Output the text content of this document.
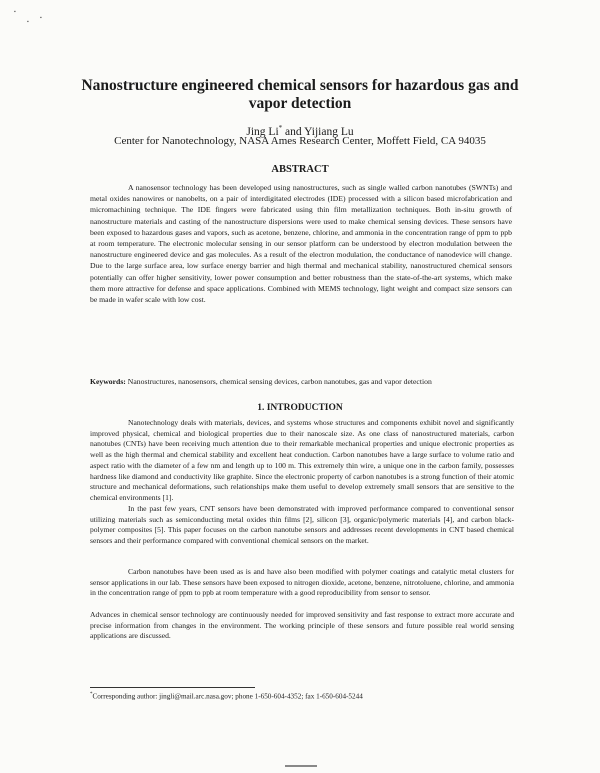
▪
▪
▪
Nanostructure engineered chemical sensors for hazardous gas and vapor detection
Jing Li* and Yijiang Lu
Center for Nanotechnology, NASA Ames Research Center, Moffett Field, CA 94035
ABSTRACT

A nanosensor technology has been developed using nanostructures, such as single walled carbon nanotubes (SWNTs) and metal oxides nanowires or nanobelts, on a pair of interdigitated electrodes (IDE) processed with a silicon based microfabrication and micromachining technique. The IDE fingers were fabricated using thin film metallization techniques. Both in-situ growth of nanostructure materials and casting of the nanostructure dispersions were used to make chemical sensing devices. These sensors have been exposed to hazardous gases and vapors, such as acetone, benzene, chlorine, and ammonia in the concentration range of ppm to ppb at room temperature. The electronic molecular sensing in our sensor platform can be understood by electron modulation between the nanostructure engineered device and gas molecules. As a result of the electron modulation, the conductance of nanodevice will change. Due to the large surface area, low surface energy barrier and high thermal and mechanical stability, nanostructured chemical sensors potentially can offer higher sensitivity, lower power consumption and better robustness than the state-of-the-art systems, which make them more attractive for defense and space applications. Combined with MEMS technology, light weight and compact size sensors can be made in wafer scale with low cost.

Keywords: Nanostructures, nanosensors, chemical sensing devices, carbon nanotubes, gas and vapor detection

1. INTRODUCTION

Nanotechnology deals with materials, devices, and systems whose structures and components exhibit novel and significantly improved physical, chemical and biological properties due to their nanoscale size. As one class of nanostructured materials, carbon nanotubes (CNTs) have been receiving much attention due to their remarkable mechanical properties and unique electronic properties as well as the high thermal and chemical stability and excellent heat conduction. Carbon nanotubes have a large surface to volume ratio and aspect ratio with the diameter of a few nm and length up to 100 m. This extremely thin wire, a unique one in the carbon family, possesses hardness like diamond and conductivity like graphite. Since the electronic property of carbon nanotubes is a strong function of their atomic structure and mechanical deformations, such relationships make them useful to develop extremely small sensors that are sensitive to the chemical environments [1].

In the past few years, CNT sensors have been demonstrated with improved performance compared to conventional sensor utilizing materials such as semiconducting metal oxides thin films [2], silicon [3], organic/polymeric materials [4], and carbon black-polymer composites [5]. This paper focuses on the carbon nanotube sensors and addresses recent developments in CNT based chemical sensors and their performance compared with conventional chemical sensors on the market.

Carbon nanotubes have been used as is and have also been modified with polymer coatings and catalytic metal clusters for sensor applications in our lab. These sensors have been exposed to nitrogen dioxide, acetone, benzene, nitrotoluene, chlorine, and ammonia in the concentration range of ppm to ppb at room temperature with a good reproducibility from sensor to sensor.

Advances in chemical sensor technology are continuously needed for improved sensitivity and fast response to extract more accurate and precise information from changes in the environment. The working principle of these sensors and future possible real world sensing applications are discussed.

*Corresponding author: jingli@mail.arc.nasa.gov; phone 1-650-604-4352; fax 1-650-604-5244
